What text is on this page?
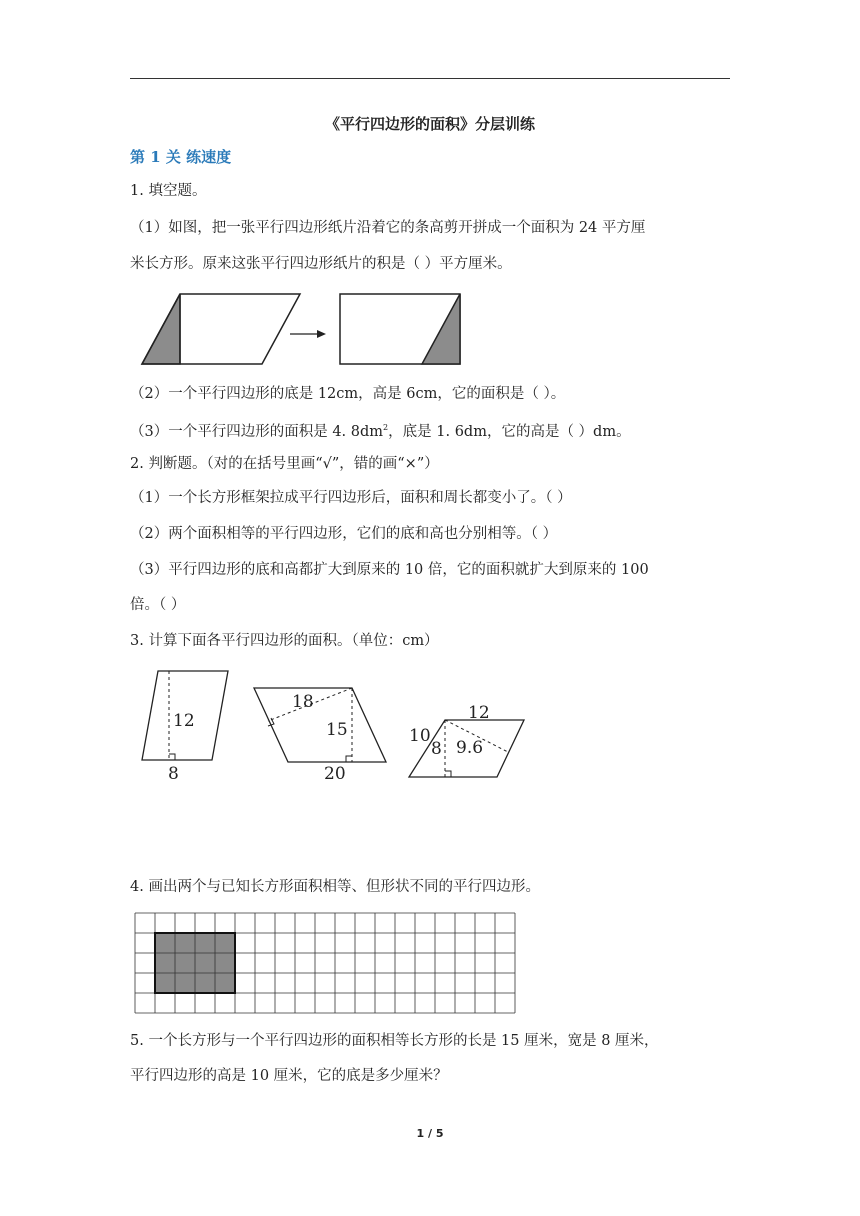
《平行四边形的面积》分层训练
第 1 关 练速度
1. 填空题。
（1）如图，把一张平行四边形纸片沿着它的条高剪开拼成一个面积为 24 平方厘
米长方形。原来这张平行四边形纸片的积是（ ）平方厘米。
（2）一个平行四边形的底是 12cm，高是 6cm，它的面积是（ ）。
（3）一个平行四边形的面积是 4. $8dm^2$，底是 1. 6dm，它的高是（ ）dm。
2. 判断题。（对的在括号里画“√”，错的画“×”）
（1）一个长方形框架拉成平行四边形后，面积和周长都变小了。（ ）
（2）两个面积相等的平行四边形，它们的底和高也分别相等。（ ）
（3）平行四边形的底和高都扩大到原来的 10 倍，它的面积就扩大到原来的 100
倍。（ ）
3. 计算下面各平行四边形的面积。（单位：cm）
12
8
18
15
20
12
10
8 9.6
4. 画出两个与已知长方形面积相等、但形状不同的平行四边形。
5. 一个长方形与一个平行四边形的面积相等长方形的长是 15 厘米，宽是 8 厘米，
平行四边形的高是 10 厘米，它的底是多少厘米？
1 / 5
